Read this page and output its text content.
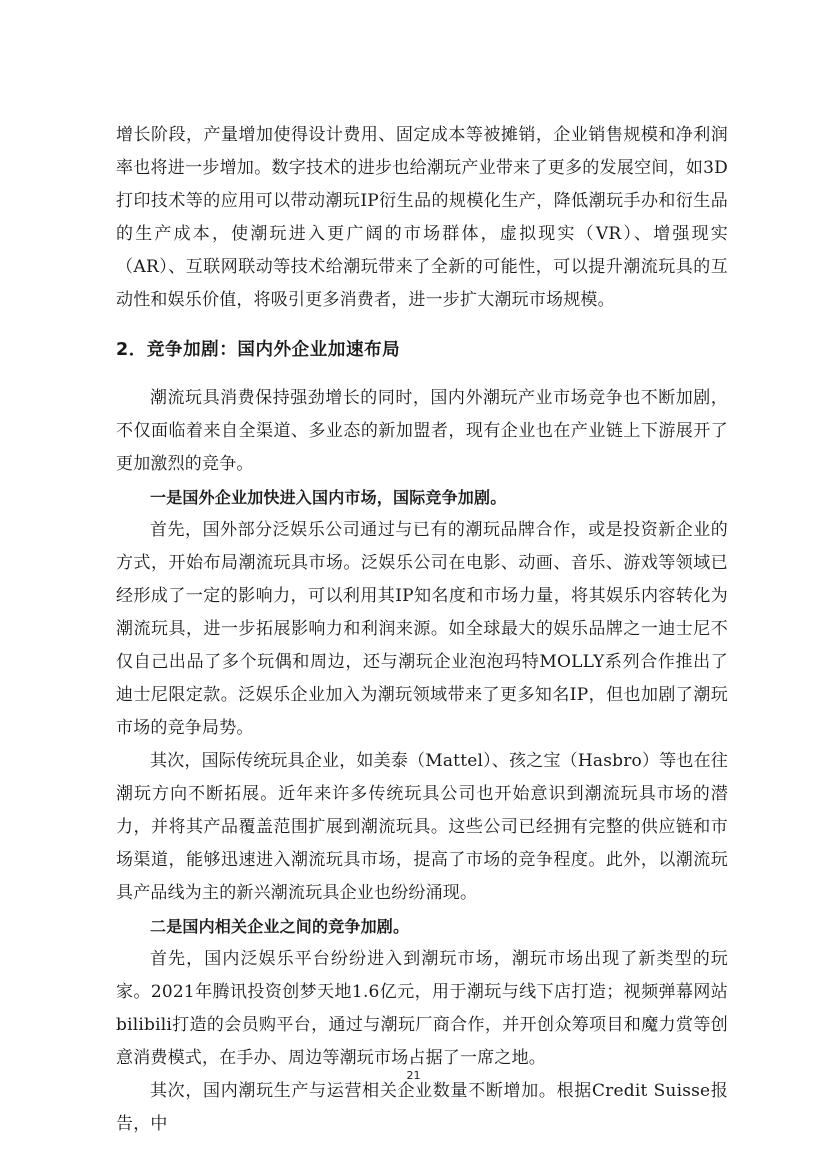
增长阶段，产量增加使得设计费用、固定成本等被摊销，企业销售规模和净利润率也将进一步增加。数字技术的进步也给潮玩产业带来了更多的发展空间，如3D打印技术等的应用可以带动潮玩IP衍生品的规模化生产，降低潮玩手办和衍生品的生产成本，使潮玩进入更广阔的市场群体，虚拟现实（VR）、增强现实（AR）、互联网联动等技术给潮玩带来了全新的可能性，可以提升潮流玩具的互动性和娱乐价值，将吸引更多消费者，进一步扩大潮玩市场规模。

2．竞争加剧：国内外企业加速布局

潮流玩具消费保持强劲增长的同时，国内外潮玩产业市场竞争也不断加剧，不仅面临着来自全渠道、多业态的新加盟者，现有企业也在产业链上下游展开了更加激烈的竞争。

一是国外企业加快进入国内市场，国际竞争加剧。

首先，国外部分泛娱乐公司通过与已有的潮玩品牌合作，或是投资新企业的方式，开始布局潮流玩具市场。泛娱乐公司在电影、动画、音乐、游戏等领域已经形成了一定的影响力，可以利用其IP知名度和市场力量，将其娱乐内容转化为潮流玩具，进一步拓展影响力和利润来源。如全球最大的娱乐品牌之一迪士尼不仅自己出品了多个玩偶和周边，还与潮玩企业泡泡玛特MOLLY系列合作推出了迪士尼限定款。泛娱乐企业加入为潮玩领域带来了更多知名IP，但也加剧了潮玩市场的竞争局势。

其次，国际传统玩具企业，如美泰（Mattel）、孩之宝（Hasbro）等也在往潮玩方向不断拓展。近年来许多传统玩具公司也开始意识到潮流玩具市场的潜力，并将其产品覆盖范围扩展到潮流玩具。这些公司已经拥有完整的供应链和市场渠道，能够迅速进入潮流玩具市场，提高了市场的竞争程度。此外，以潮流玩具产品线为主的新兴潮流玩具企业也纷纷涌现。

二是国内相关企业之间的竞争加剧。

首先，国内泛娱乐平台纷纷进入到潮玩市场，潮玩市场出现了新类型的玩家。2021年腾讯投资创梦天地1.6亿元，用于潮玩与线下店打造；视频弹幕网站bilibili打造的会员购平台，通过与潮玩厂商合作，并开创众筹项目和魔力赏等创意消费模式，在手办、周边等潮玩市场占据了一席之地。

其次，国内潮玩生产与运营相关企业数量不断增加。根据Credit Suisse报告，中

21
